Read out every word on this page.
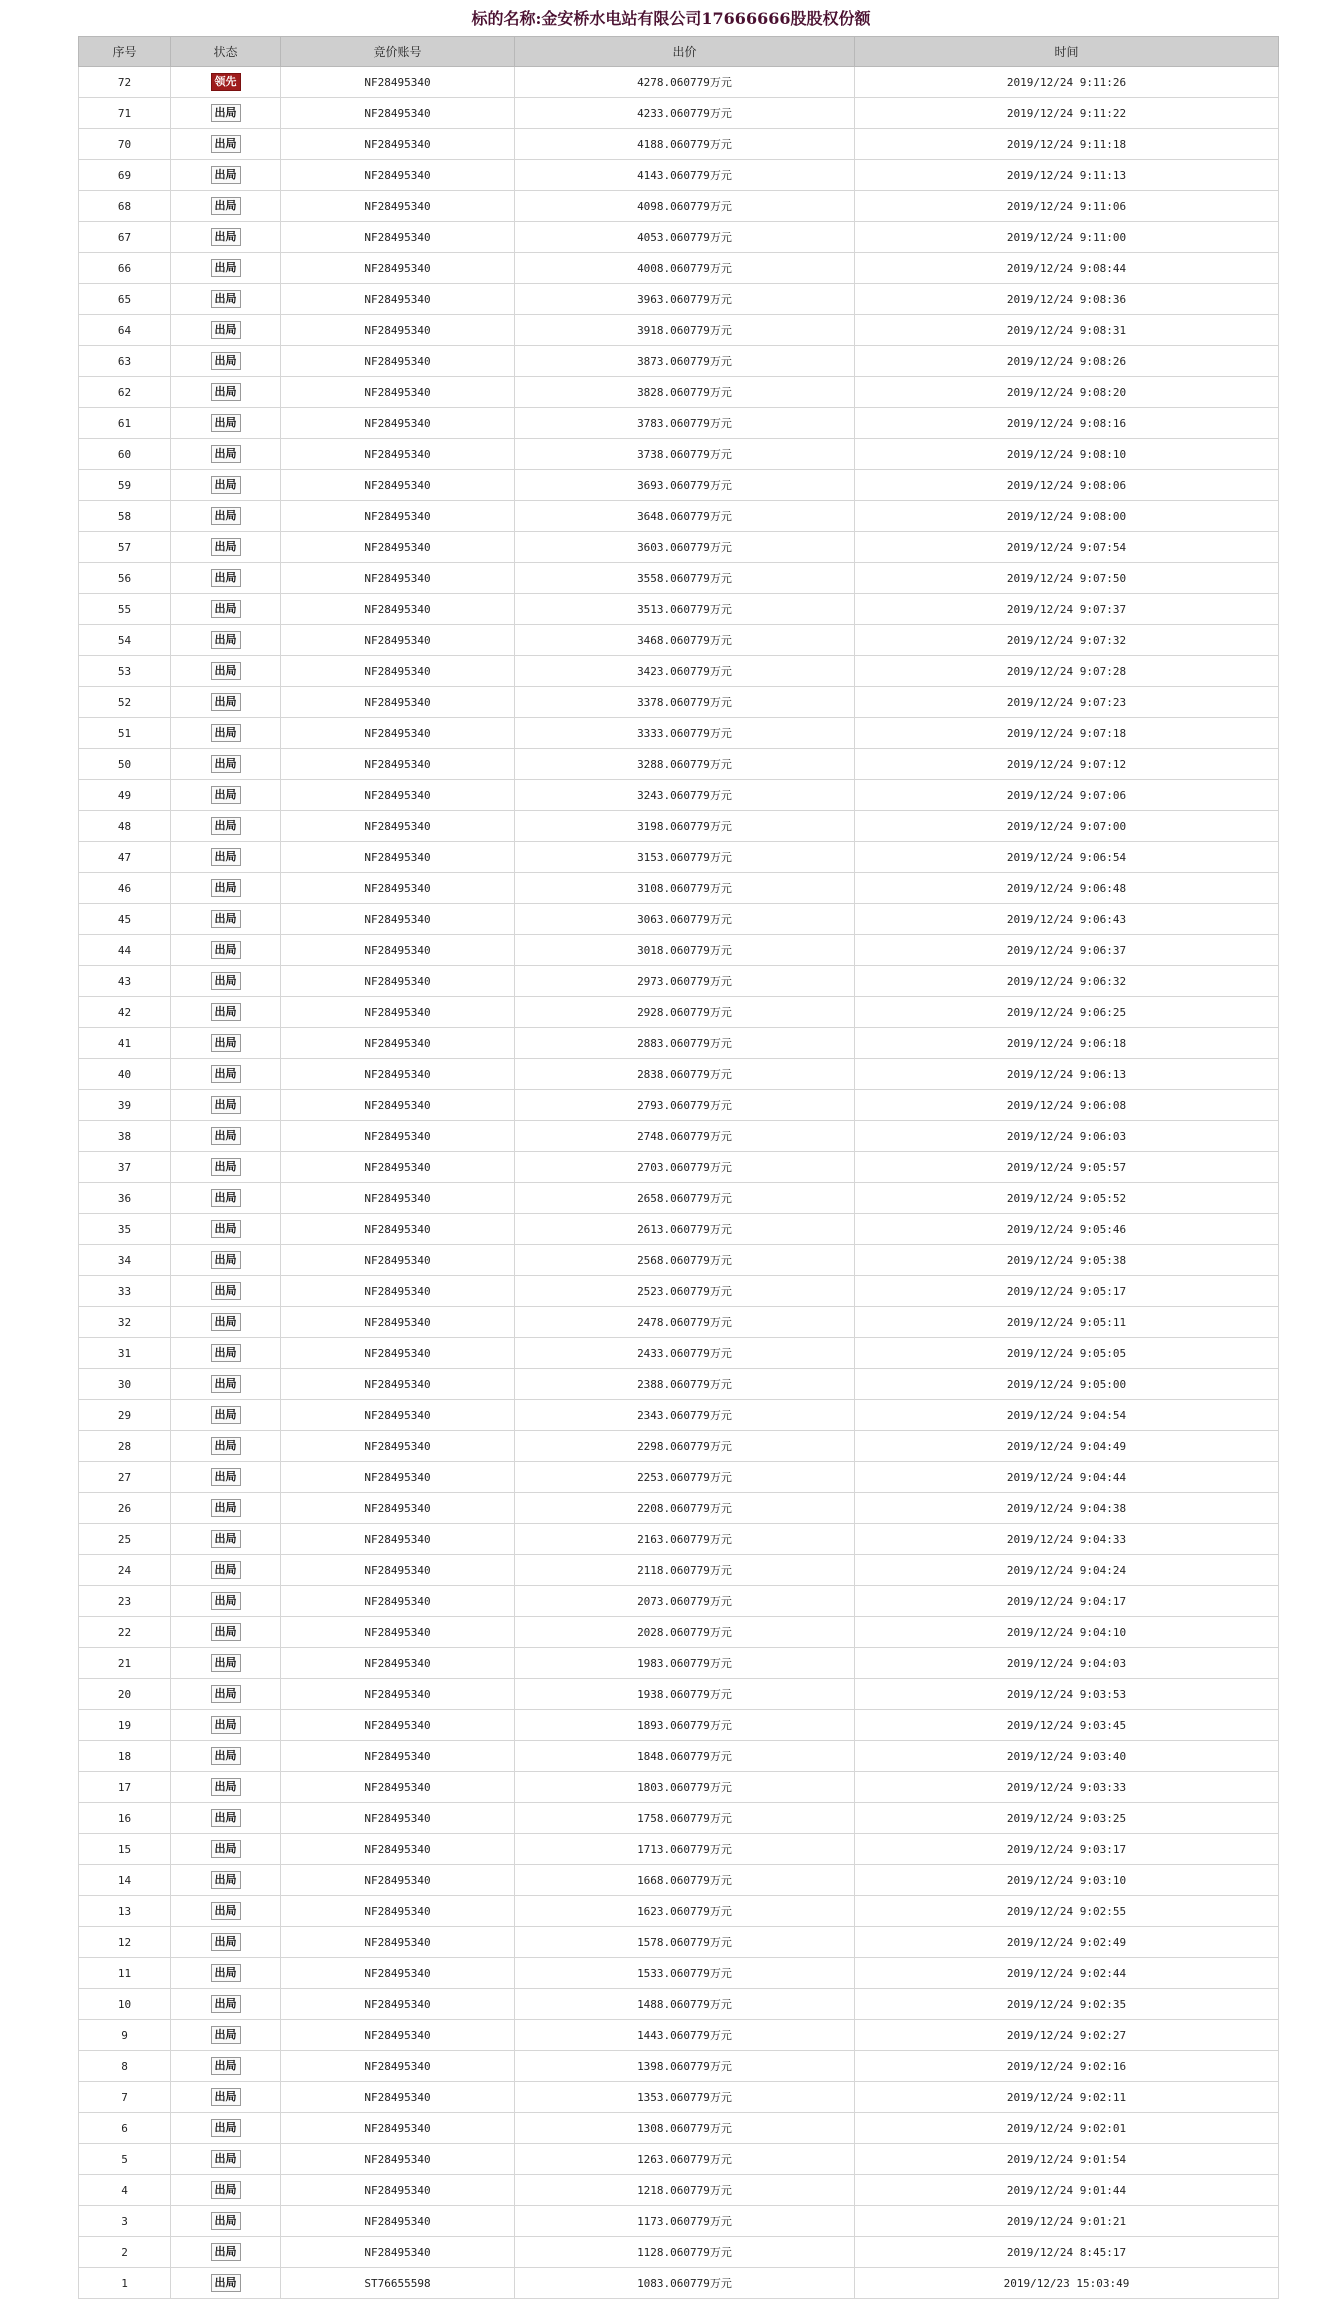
标的名称:金安桥水电站有限公司17666666股股权份额
序号	状态	竞价账号	出价	时间
72	领先	NF28495340	4278.060779万元	2019/12/24 9:11:26
71	出局	NF28495340	4233.060779万元	2019/12/24 9:11:22
70	出局	NF28495340	4188.060779万元	2019/12/24 9:11:18
69	出局	NF28495340	4143.060779万元	2019/12/24 9:11:13
68	出局	NF28495340	4098.060779万元	2019/12/24 9:11:06
67	出局	NF28495340	4053.060779万元	2019/12/24 9:11:00
66	出局	NF28495340	4008.060779万元	2019/12/24 9:08:44
65	出局	NF28495340	3963.060779万元	2019/12/24 9:08:36
64	出局	NF28495340	3918.060779万元	2019/12/24 9:08:31
63	出局	NF28495340	3873.060779万元	2019/12/24 9:08:26
62	出局	NF28495340	3828.060779万元	2019/12/24 9:08:20
61	出局	NF28495340	3783.060779万元	2019/12/24 9:08:16
60	出局	NF28495340	3738.060779万元	2019/12/24 9:08:10
59	出局	NF28495340	3693.060779万元	2019/12/24 9:08:06
58	出局	NF28495340	3648.060779万元	2019/12/24 9:08:00
57	出局	NF28495340	3603.060779万元	2019/12/24 9:07:54
56	出局	NF28495340	3558.060779万元	2019/12/24 9:07:50
55	出局	NF28495340	3513.060779万元	2019/12/24 9:07:37
54	出局	NF28495340	3468.060779万元	2019/12/24 9:07:32
53	出局	NF28495340	3423.060779万元	2019/12/24 9:07:28
52	出局	NF28495340	3378.060779万元	2019/12/24 9:07:23
51	出局	NF28495340	3333.060779万元	2019/12/24 9:07:18
50	出局	NF28495340	3288.060779万元	2019/12/24 9:07:12
49	出局	NF28495340	3243.060779万元	2019/12/24 9:07:06
48	出局	NF28495340	3198.060779万元	2019/12/24 9:07:00
47	出局	NF28495340	3153.060779万元	2019/12/24 9:06:54
46	出局	NF28495340	3108.060779万元	2019/12/24 9:06:48
45	出局	NF28495340	3063.060779万元	2019/12/24 9:06:43
44	出局	NF28495340	3018.060779万元	2019/12/24 9:06:37
43	出局	NF28495340	2973.060779万元	2019/12/24 9:06:32
42	出局	NF28495340	2928.060779万元	2019/12/24 9:06:25
41	出局	NF28495340	2883.060779万元	2019/12/24 9:06:18
40	出局	NF28495340	2838.060779万元	2019/12/24 9:06:13
39	出局	NF28495340	2793.060779万元	2019/12/24 9:06:08
38	出局	NF28495340	2748.060779万元	2019/12/24 9:06:03
37	出局	NF28495340	2703.060779万元	2019/12/24 9:05:57
36	出局	NF28495340	2658.060779万元	2019/12/24 9:05:52
35	出局	NF28495340	2613.060779万元	2019/12/24 9:05:46
34	出局	NF28495340	2568.060779万元	2019/12/24 9:05:38
33	出局	NF28495340	2523.060779万元	2019/12/24 9:05:17
32	出局	NF28495340	2478.060779万元	2019/12/24 9:05:11
31	出局	NF28495340	2433.060779万元	2019/12/24 9:05:05
30	出局	NF28495340	2388.060779万元	2019/12/24 9:05:00
29	出局	NF28495340	2343.060779万元	2019/12/24 9:04:54
28	出局	NF28495340	2298.060779万元	2019/12/24 9:04:49
27	出局	NF28495340	2253.060779万元	2019/12/24 9:04:44
26	出局	NF28495340	2208.060779万元	2019/12/24 9:04:38
25	出局	NF28495340	2163.060779万元	2019/12/24 9:04:33
24	出局	NF28495340	2118.060779万元	2019/12/24 9:04:24
23	出局	NF28495340	2073.060779万元	2019/12/24 9:04:17
22	出局	NF28495340	2028.060779万元	2019/12/24 9:04:10
21	出局	NF28495340	1983.060779万元	2019/12/24 9:04:03
20	出局	NF28495340	1938.060779万元	2019/12/24 9:03:53
19	出局	NF28495340	1893.060779万元	2019/12/24 9:03:45
18	出局	NF28495340	1848.060779万元	2019/12/24 9:03:40
17	出局	NF28495340	1803.060779万元	2019/12/24 9:03:33
16	出局	NF28495340	1758.060779万元	2019/12/24 9:03:25
15	出局	NF28495340	1713.060779万元	2019/12/24 9:03:17
14	出局	NF28495340	1668.060779万元	2019/12/24 9:03:10
13	出局	NF28495340	1623.060779万元	2019/12/24 9:02:55
12	出局	NF28495340	1578.060779万元	2019/12/24 9:02:49
11	出局	NF28495340	1533.060779万元	2019/12/24 9:02:44
10	出局	NF28495340	1488.060779万元	2019/12/24 9:02:35
9	出局	NF28495340	1443.060779万元	2019/12/24 9:02:27
8	出局	NF28495340	1398.060779万元	2019/12/24 9:02:16
7	出局	NF28495340	1353.060779万元	2019/12/24 9:02:11
6	出局	NF28495340	1308.060779万元	2019/12/24 9:02:01
5	出局	NF28495340	1263.060779万元	2019/12/24 9:01:54
4	出局	NF28495340	1218.060779万元	2019/12/24 9:01:44
3	出局	NF28495340	1173.060779万元	2019/12/24 9:01:21
2	出局	NF28495340	1128.060779万元	2019/12/24 8:45:17
1	出局	ST76655598	1083.060779万元	2019/12/23 15:03:49
